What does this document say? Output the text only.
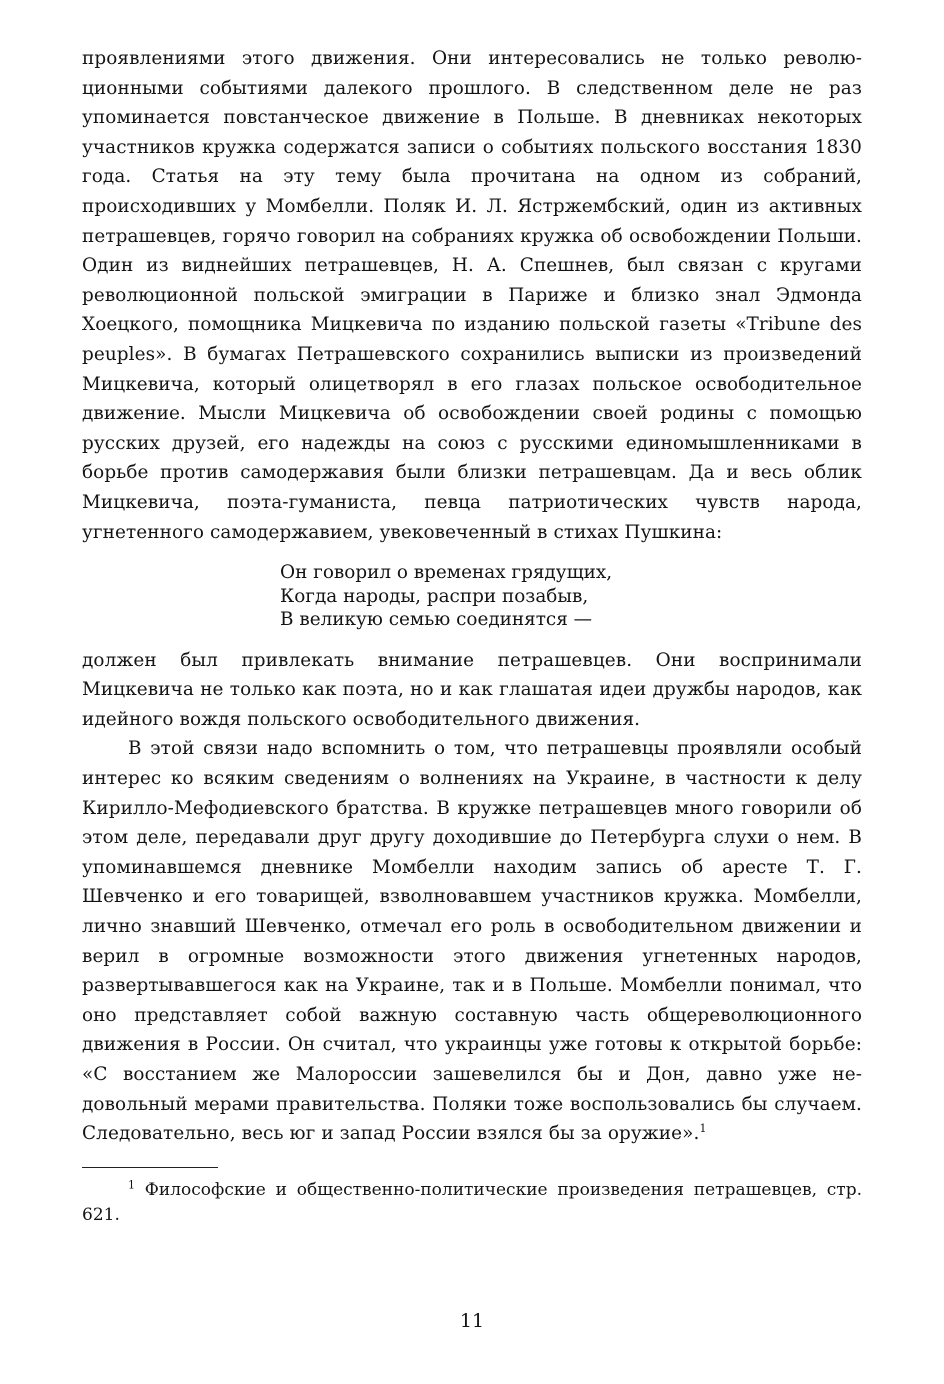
проявлениями этого движения. Они интересовались не только революционными событиями далекого прошлого. В следственном деле не раз упоминается повстанческое движение в Польше. В дневниках некоторых участников кружка содержатся записи о событиях польского восстания 1830 года. Статья на эту тему была прочитана на одном из собраний, происходивших у Момбелли. Поляк И. Л. Ястржембский, один из активных петрашевцев, горячо говорил на собраниях кружка об освобождении Польши. Один из виднейших петрашевцев, Н. А. Спешнев, был связан с кругами революционной польской эмиграции в Париже и близко знал Эдмонда Хоецкого, помощника Мицкевича по изданию польской газеты «Tribune des peuples». В бумагах Петрашевского сохранились выписки из произведений Мицкевича, который олицетворял в его глазах польское освободительное движение. Мысли Мицкевича об освобождении своей родины с помощью русских друзей, его надежды на союз с русскими единомышленниками в борьбе против самодержавия были близки петрашевцам. Да и весь облик Мицкевича, поэта-гуманиста, певца патриотических чувств народа, угнетенного самодержавием, увековеченный в стихах Пушкина:

Он говорил о временах грядущих,
Когда народы, распри позабыв,
В великую семью соединятся —

должен был привлекать внимание петрашевцев. Они воспринимали Мицкевича не только как поэта, но и как глашатая идеи дружбы народов, как идейного вождя польского освободительного движения.

В этой связи надо вспомнить о том, что петрашевцы проявляли особый интерес ко всяким сведениям о волнениях на Украине, в частности к делу Кирилло-Мефодиевского братства. В кружке петрашевцев много говорили об этом деле, передавали друг другу доходившие до Петербурга слухи о нем. В упоминавшемся дневнике Момбелли находим запись об аресте Т. Г. Шевченко и его товарищей, взволновавшем участников кружка. Момбелли, лично знавший Шевченко, отмечал его роль в освободительном движении и верил в огромные возможности этого движения угнетенных народов, развертывавшегося как на Украине, так и в Польше. Момбелли понимал, что оно представляет собой важную составную часть общереволюционного движения в России. Он считал, что украинцы уже готовы к открытой борьбе: «С восстанием же Малороссии зашевелился бы и Дон, давно уже недовольный мерами правительства. Поляки тоже воспользовались бы случаем. Следовательно, весь юг и запад России взялся бы за оружие».$^1$

$^1$ Философские и общественно-политические произведения петрашевцев, стр. 621.

11
